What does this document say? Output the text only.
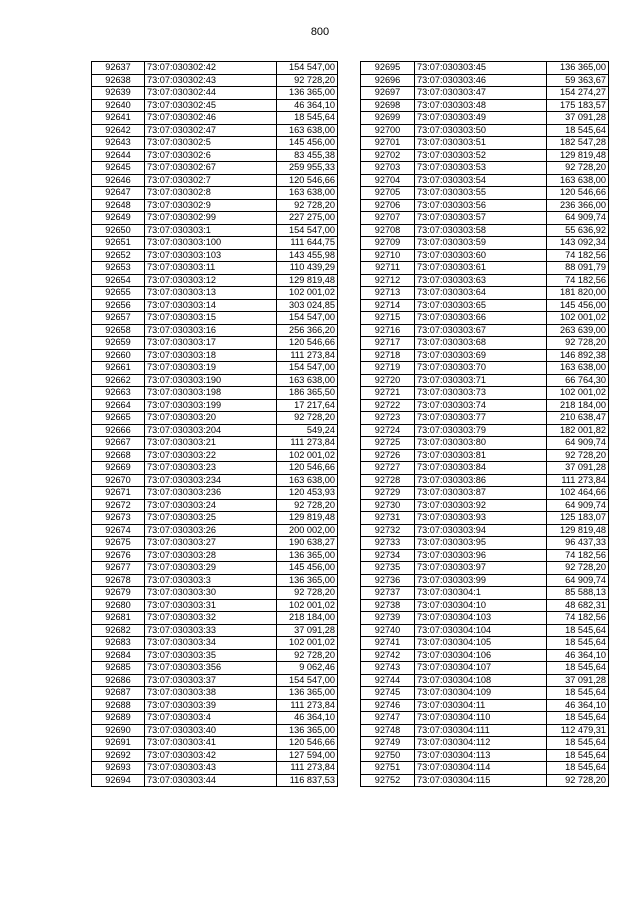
800
92637	73:07:030302:42	154 547,00
92638	73:07:030302:43	92 728,20
92639	73:07:030302:44	136 365,00
92640	73:07:030302:45	46 364,10
92641	73:07:030302:46	18 545,64
92642	73:07:030302:47	163 638,00
92643	73:07:030302:5	145 456,00
92644	73:07:030302:6	83 455,38
92645	73:07:030302:67	259 955,33
92646	73:07:030302:7	120 546,66
92647	73:07:030302:8	163 638,00
92648	73:07:030302:9	92 728,20
92649	73:07:030302:99	227 275,00
92650	73:07:030303:1	154 547,00
92651	73:07:030303:100	111 644,75
92652	73:07:030303:103	143 455,98
92653	73:07:030303:11	110 439,29
92654	73:07:030303:12	129 819,48
92655	73:07:030303:13	102 001,02
92656	73:07:030303:14	303 024,85
92657	73:07:030303:15	154 547,00
92658	73:07:030303:16	256 366,20
92659	73:07:030303:17	120 546,66
92660	73:07:030303:18	111 273,84
92661	73:07:030303:19	154 547,00
92662	73:07:030303:190	163 638,00
92663	73:07:030303:198	186 365,50
92664	73:07:030303:199	17 217,64
92665	73:07:030303:20	92 728,20
92666	73:07:030303:204	549,24
92667	73:07:030303:21	111 273,84
92668	73:07:030303:22	102 001,02
92669	73:07:030303:23	120 546,66
92670	73:07:030303:234	163 638,00
92671	73:07:030303:236	120 453,93
92672	73:07:030303:24	92 728,20
92673	73:07:030303:25	129 819,48
92674	73:07:030303:26	200 002,00
92675	73:07:030303:27	190 638,27
92676	73:07:030303:28	136 365,00
92677	73:07:030303:29	145 456,00
92678	73:07:030303:3	136 365,00
92679	73:07:030303:30	92 728,20
92680	73:07:030303:31	102 001,02
92681	73:07:030303:32	218 184,00
92682	73:07:030303:33	37 091,28
92683	73:07:030303:34	102 001,02
92684	73:07:030303:35	92 728,20
92685	73:07:030303:356	9 062,46
92686	73:07:030303:37	154 547,00
92687	73:07:030303:38	136 365,00
92688	73:07:030303:39	111 273,84
92689	73:07:030303:4	46 364,10
92690	73:07:030303:40	136 365,00
92691	73:07:030303:41	120 546,66
92692	73:07:030303:42	127 594,00
92693	73:07:030303:43	111 273,84
92694	73:07:030303:44	116 837,53
92695	73:07:030303:45	136 365,00
92696	73:07:030303:46	59 363,67
92697	73:07:030303:47	154 274,27
92698	73:07:030303:48	175 183,57
92699	73:07:030303:49	37 091,28
92700	73:07:030303:50	18 545,64
92701	73:07:030303:51	182 547,28
92702	73:07:030303:52	129 819,48
92703	73:07:030303:53	92 728,20
92704	73:07:030303:54	163 638,00
92705	73:07:030303:55	120 546,66
92706	73:07:030303:56	236 366,00
92707	73:07:030303:57	64 909,74
92708	73:07:030303:58	55 636,92
92709	73:07:030303:59	143 092,34
92710	73:07:030303:60	74 182,56
92711	73:07:030303:61	88 091,79
92712	73:07:030303:63	74 182,56
92713	73:07:030303:64	181 820,00
92714	73:07:030303:65	145 456,00
92715	73:07:030303:66	102 001,02
92716	73:07:030303:67	263 639,00
92717	73:07:030303:68	92 728,20
92718	73:07:030303:69	146 892,38
92719	73:07:030303:70	163 638,00
92720	73:07:030303:71	66 764,30
92721	73:07:030303:73	102 001,02
92722	73:07:030303:74	218 184,00
92723	73:07:030303:77	210 638,47
92724	73:07:030303:79	182 001,82
92725	73:07:030303:80	64 909,74
92726	73:07:030303:81	92 728,20
92727	73:07:030303:84	37 091,28
92728	73:07:030303:86	111 273,84
92729	73:07:030303:87	102 464,66
92730	73:07:030303:92	64 909,74
92731	73:07:030303:93	125 183,07
92732	73:07:030303:94	129 819,48
92733	73:07:030303:95	96 437,33
92734	73:07:030303:96	74 182,56
92735	73:07:030303:97	92 728,20
92736	73:07:030303:99	64 909,74
92737	73:07:030304:1	85 588,13
92738	73:07:030304:10	48 682,31
92739	73:07:030304:103	74 182,56
92740	73:07:030304:104	18 545,64
92741	73:07:030304:105	18 545,64
92742	73:07:030304:106	46 364,10
92743	73:07:030304:107	18 545,64
92744	73:07:030304:108	37 091,28
92745	73:07:030304:109	18 545,64
92746	73:07:030304:11	46 364,10
92747	73:07:030304:110	18 545,64
92748	73:07:030304:111	112 479,31
92749	73:07:030304:112	18 545,64
92750	73:07:030304:113	18 545,64
92751	73:07:030304:114	18 545,64
92752	73:07:030304:115	92 728,20
